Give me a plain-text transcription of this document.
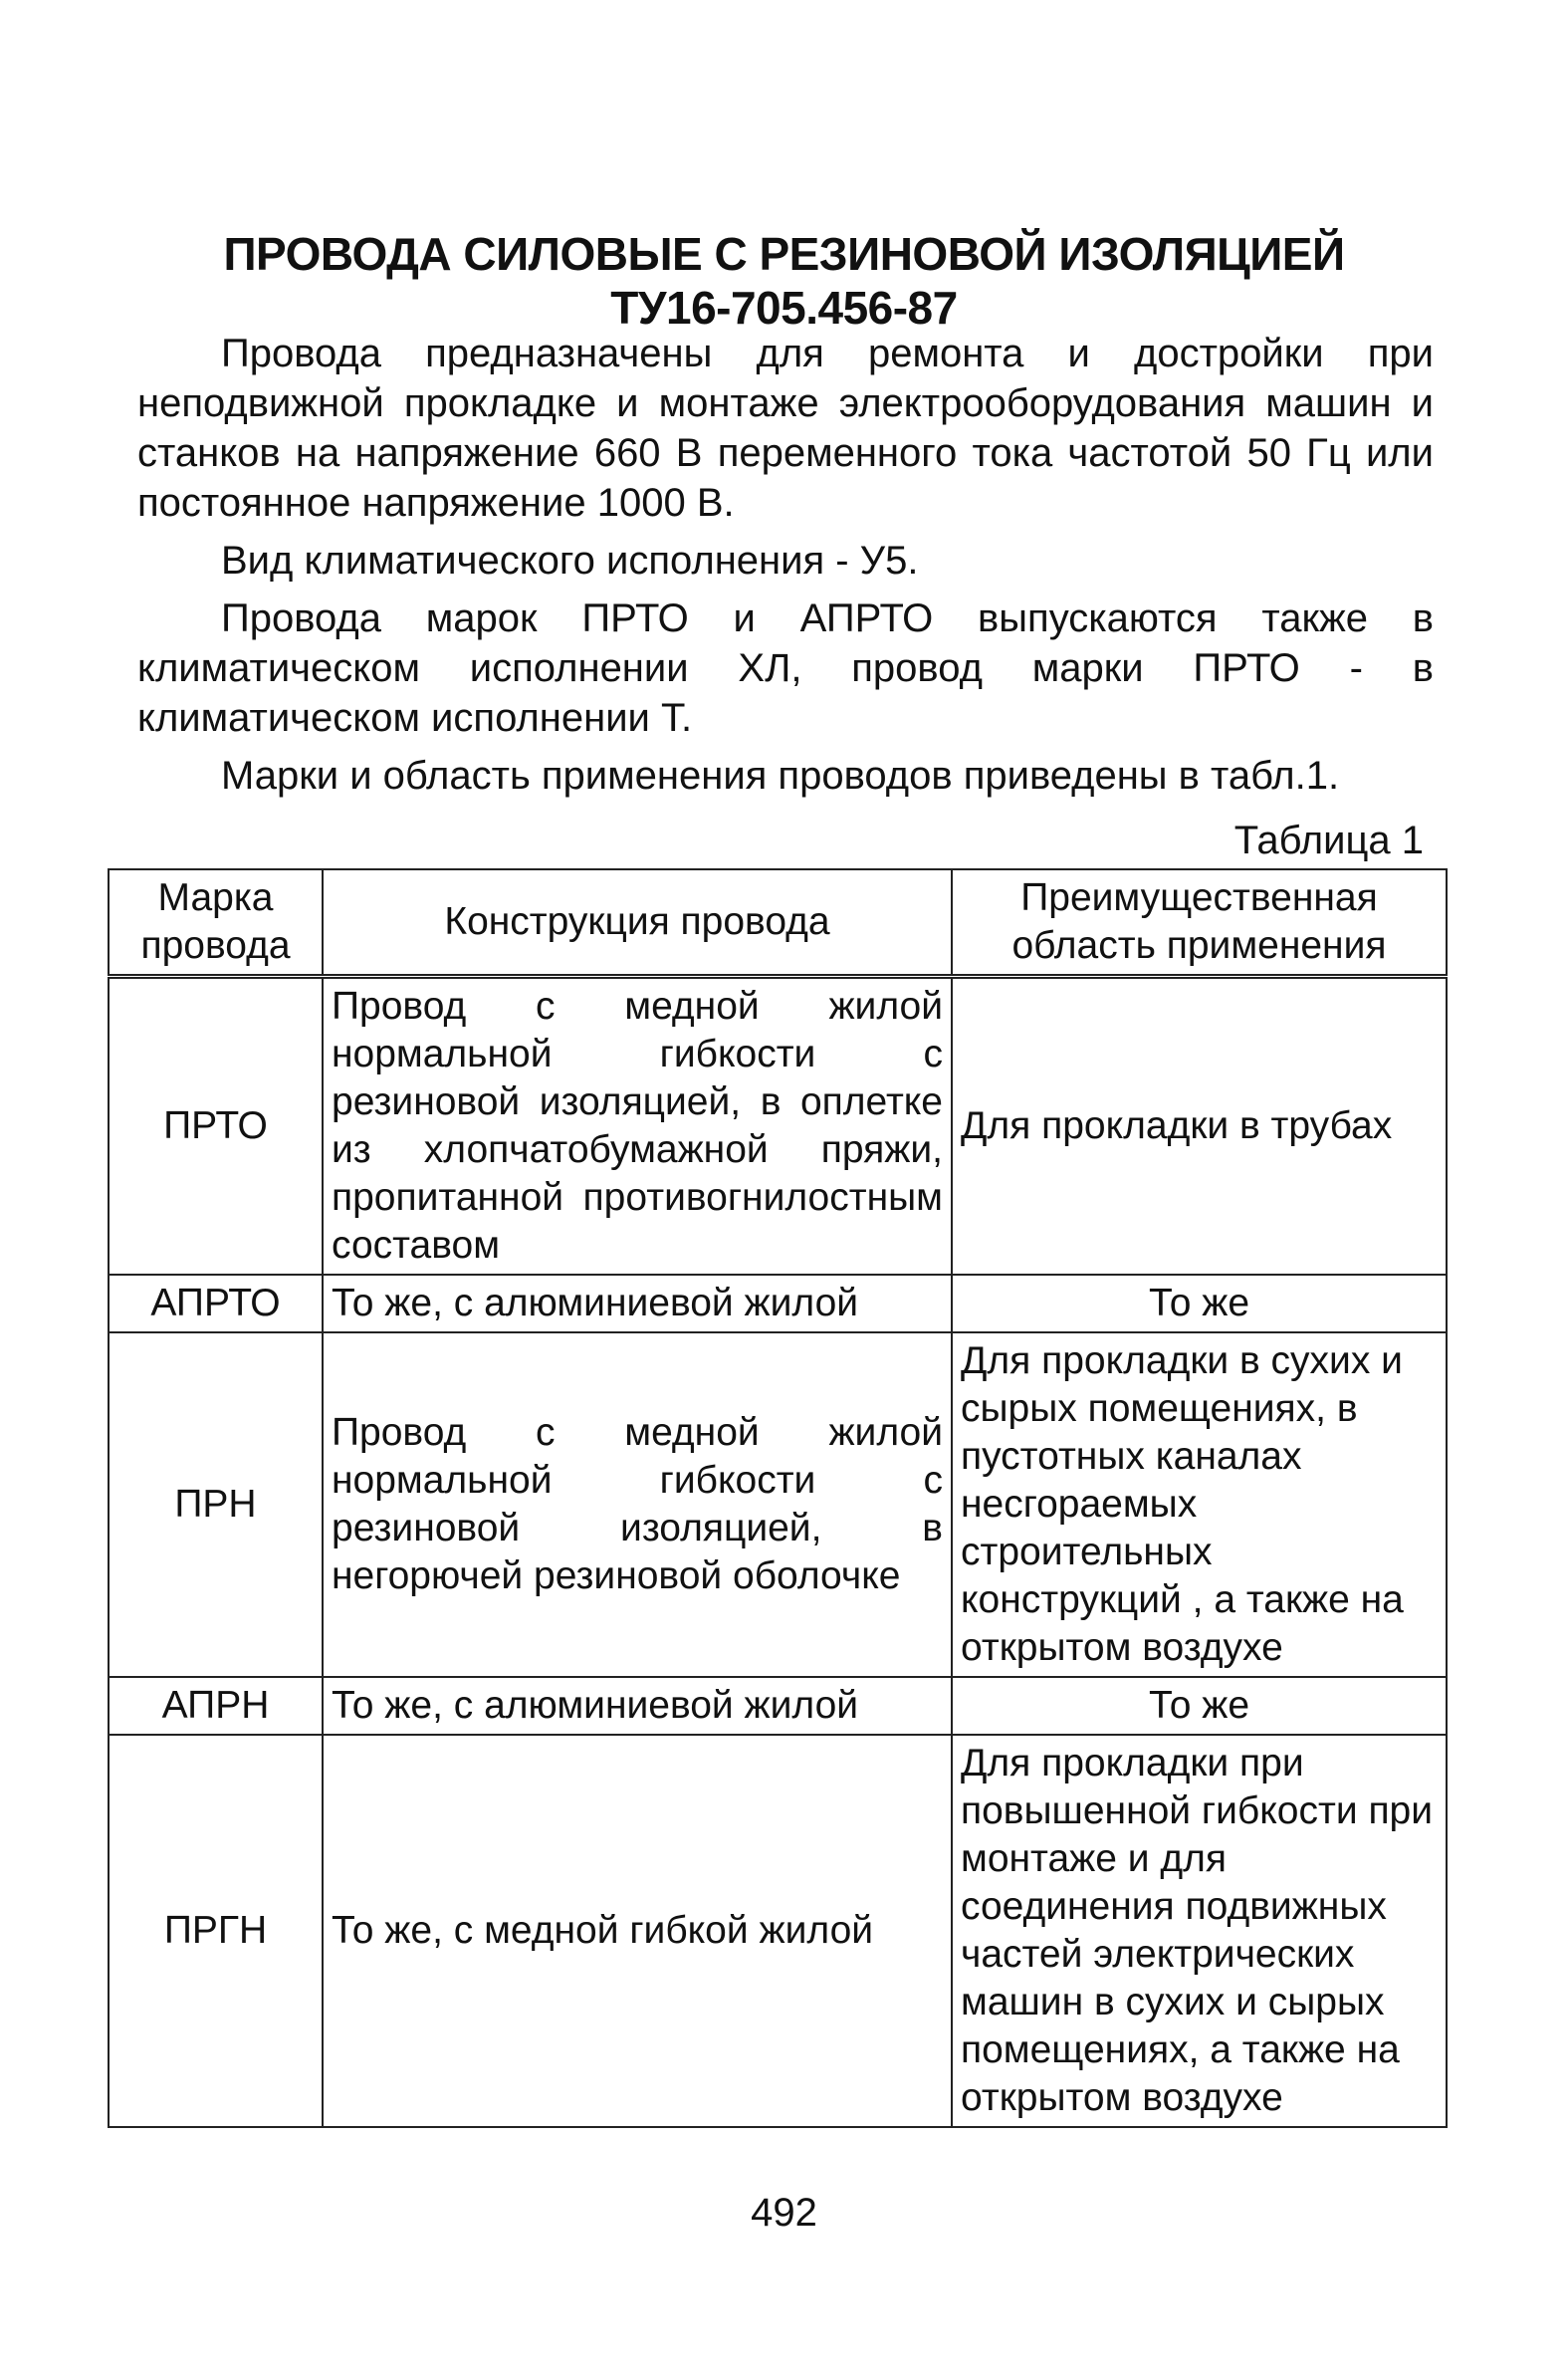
ПРОВОДА СИЛОВЫЕ С РЕЗИНОВОЙ ИЗОЛЯЦИЕЙ
ТУ16-705.456-87

Провода предназначены для ремонта и достройки при неподвижной прокладке и монтаже электрооборудования машин и станков на напряжение 660 В переменного тока частотой 50 Гц или постоянное напряжение 1000 В.

Вид климатического исполнения - У5.

Провода марок ПРТО и АПРТО выпускаются также в климатическом исполнении ХЛ, провод марки ПРТО - в климатическом исполнении Т.

Марки и область применения проводов приведены в табл.1.

Таблица 1
Марка провода	Конструкция провода	Преимущественная область применения
ПРТО	Провод с медной жилой нормальной гибкости с резиновой изоляцией, в оплетке из хлопчатобумажной пряжи, пропитанной противогнилостным составом	Для прокладки в трубах
АПРТО	То же, с алюминиевой жилой	То же
ПРН	Провод с медной жилой нормальной гибкости с резиновой изоляцией, в негорючей резиновой оболочке	Для прокладки в сухих и сырых помещениях, в пустотных каналах несгораемых строительных конструкций , а также на открытом воздухе
АПРН	То же, с алюминиевой жилой	То же
ПРГН	То же, с медной гибкой жилой	Для прокладки при повышенной гибкости при монтаже и для соединения подвижных частей электрических машин в сухих и сырых помещениях, а также на открытом воздухе
492
